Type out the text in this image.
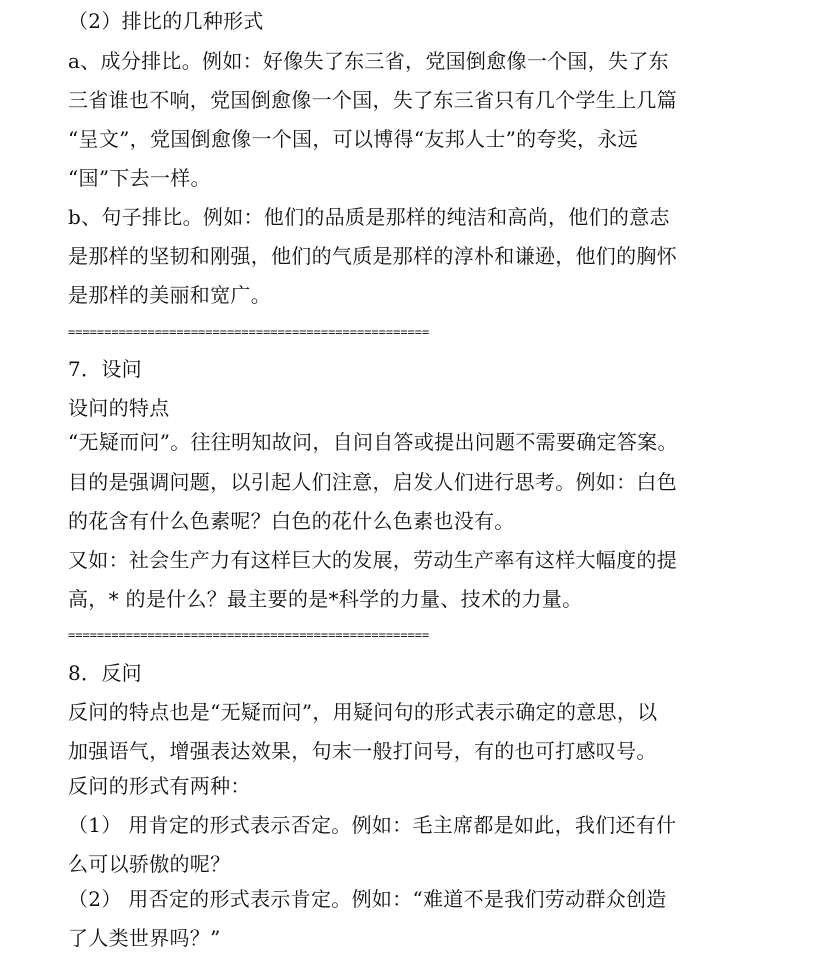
（2）排比的几种形式

a、成分排比。例如：好像失了东三省，党国倒愈像一个国，失了东

三省谁也不响，党国倒愈像一个国，失了东三省只有几个学生上几篇

“呈文”，党国倒愈像一个国，可以博得“友邦人士”的夸奖，永远

“国”下去一样。

b、句子排比。例如：他们的品质是那样的纯洁和高尚，他们的意志

是那样的坚韧和刚强，他们的气质是那样的淳朴和谦逊，他们的胸怀

是那样的美丽和宽广。

==================================================

7．设问

设问的特点

“无疑而问”。往往明知故问，自问自答或提出问题不需要确定答案。

目的是强调问题，以引起人们注意，启发人们进行思考。例如：白色

的花含有什么色素呢？白色的花什么色素也没有。

又如：社会生产力有这样巨大的发展，劳动生产率有这样大幅度的提

高，* 的是什么？最主要的是*科学的力量、技术的力量。

==================================================

8．反问

反问的特点也是“无疑而问”，用疑问句的形式表示确定的意思，以

加强语气，增强表达效果，句末一般打问号，有的也可打感叹号。

反问的形式有两种：

（1） 用肯定的形式表示否定。例如：毛主席都是如此，我们还有什

么可以骄傲的呢？

（2） 用否定的形式表示肯定。例如：“难道不是我们劳动群众创造

了人类世界吗？”
